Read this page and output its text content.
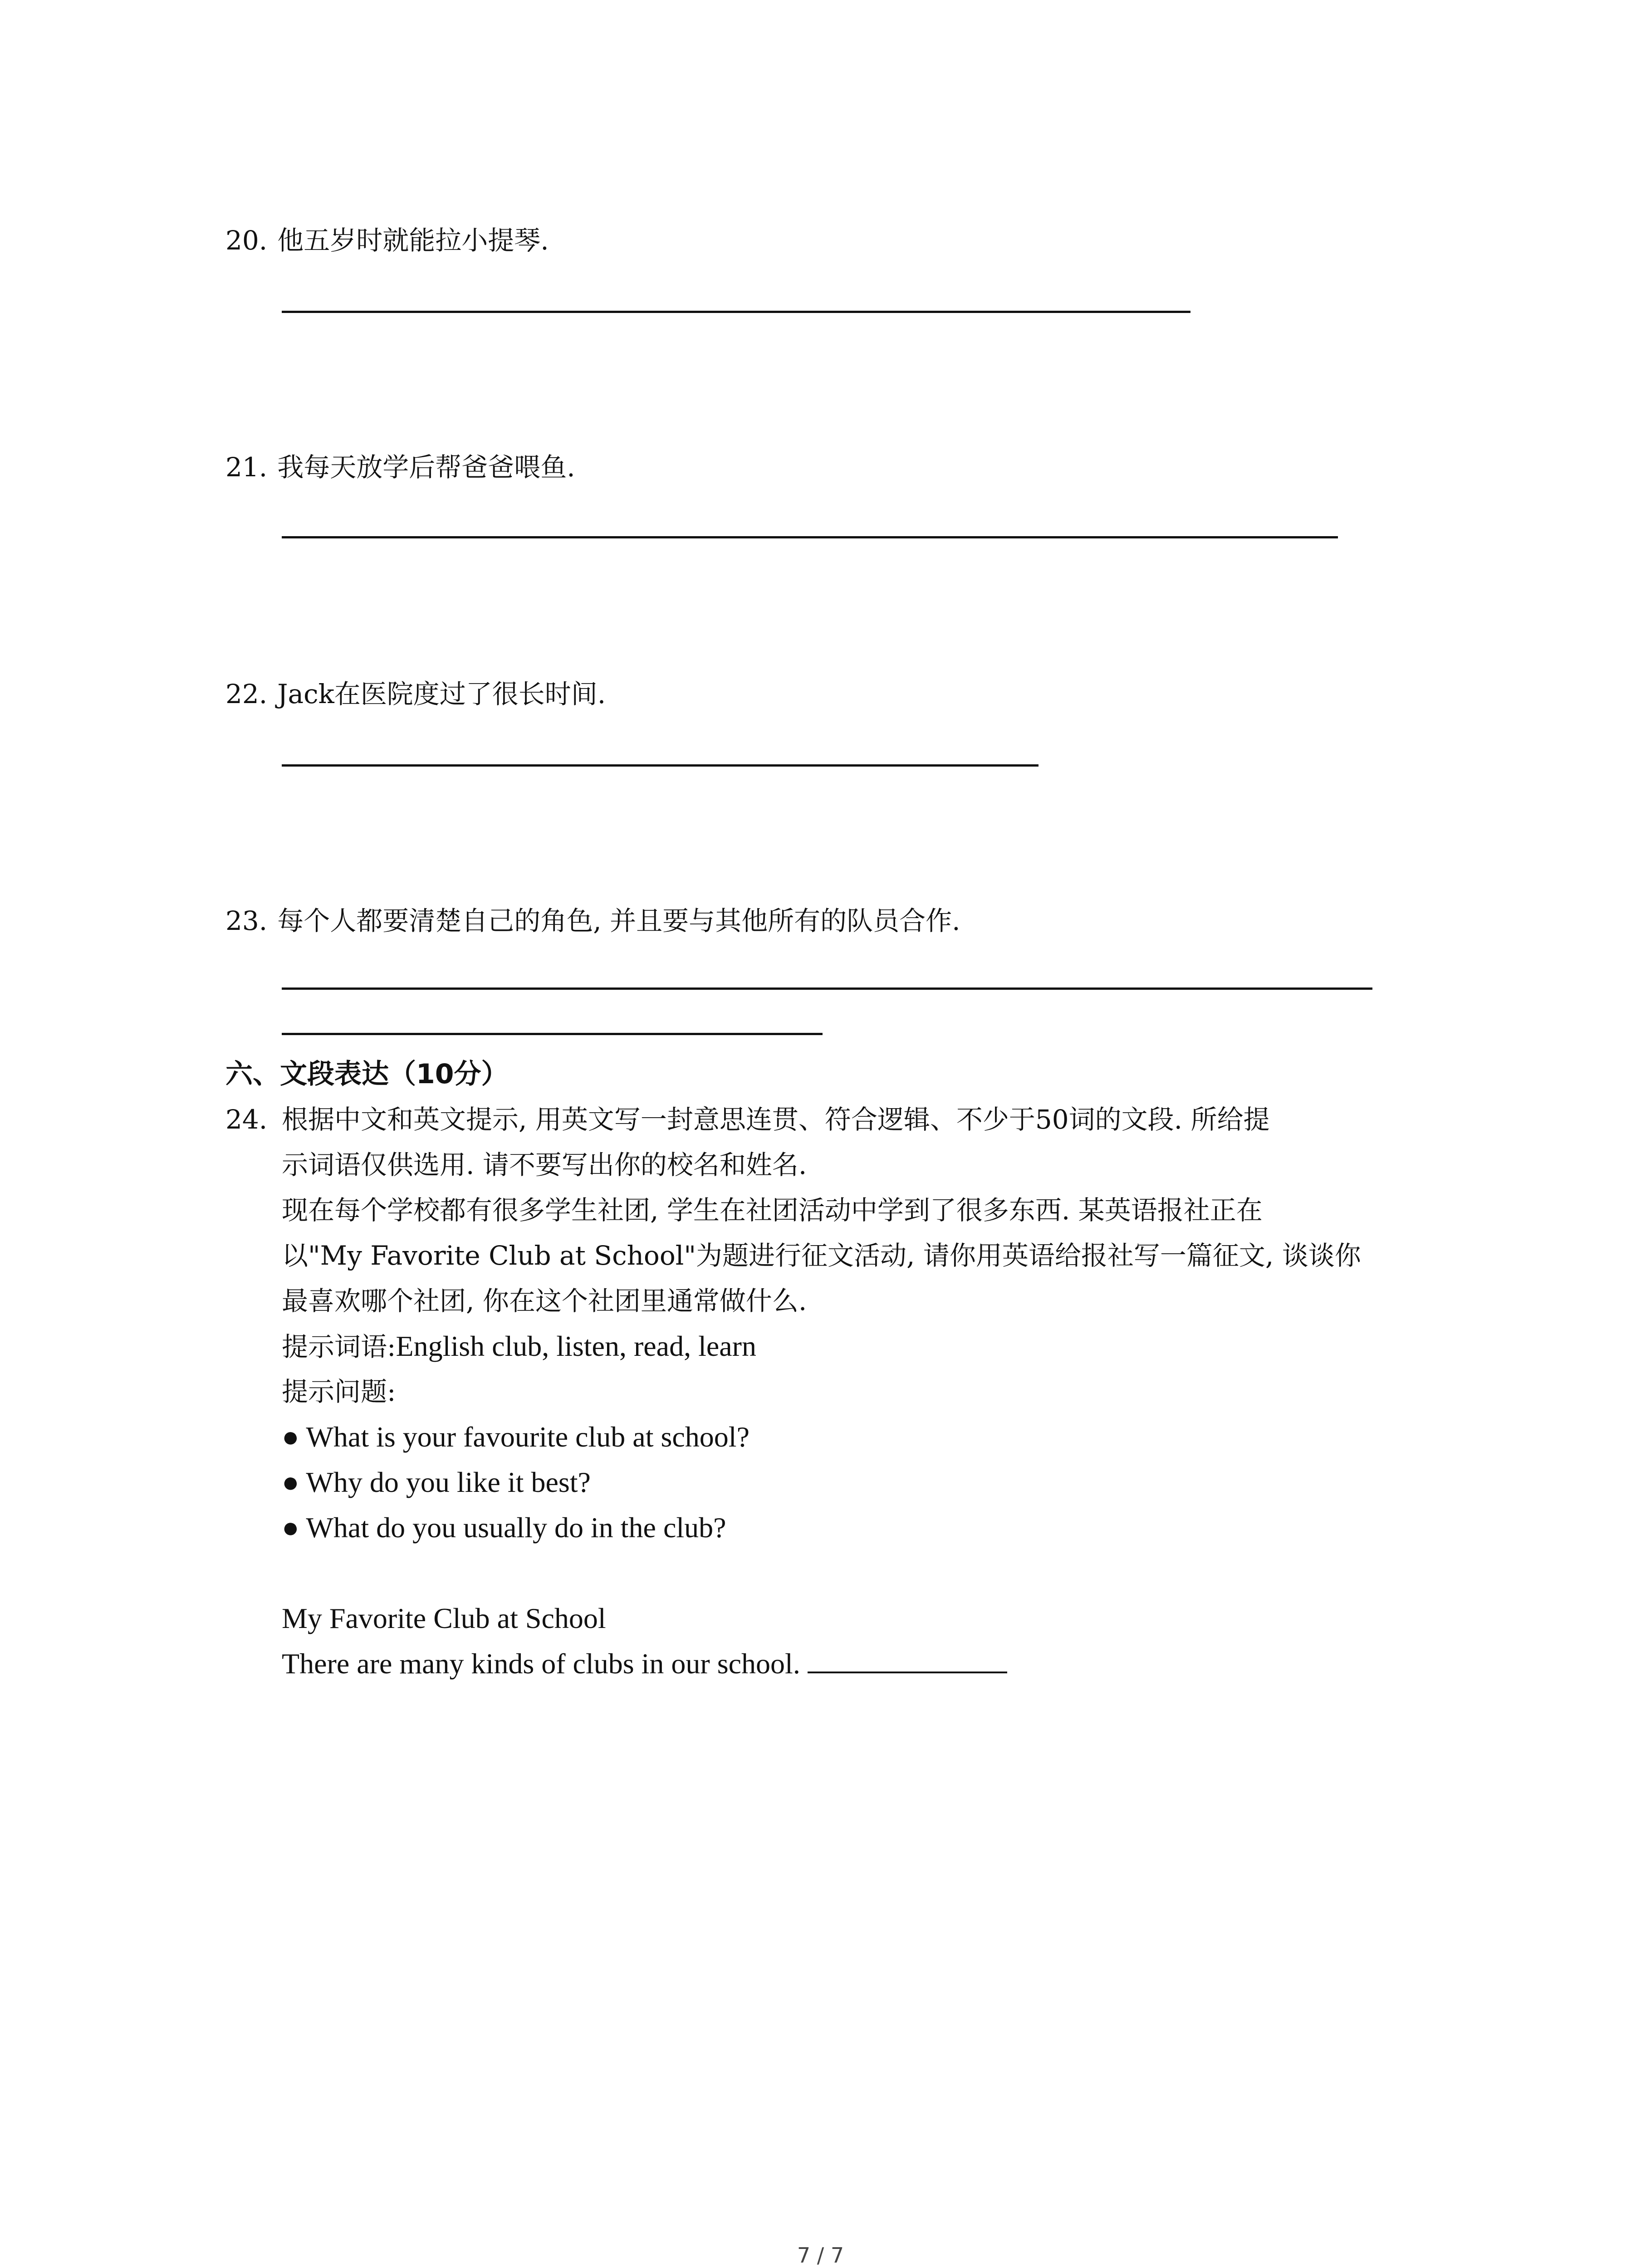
20. 他五岁时就能拉小提琴.
21. 我每天放学后帮爸爸喂鱼.
22. Jack在医院度过了很长时间.
23. 每个人都要清楚自己的角色, 并且要与其他所有的队员合作.
六、文段表达（10分）
24. 根据中文和英文提示, 用英文写一封意思连贯、符合逻辑、不少于50词的文段. 所给提
示词语仅供选用. 请不要写出你的校名和姓名.
现在每个学校都有很多学生社团, 学生在社团活动中学到了很多东西. 某英语报社正在
以"My Favorite Club at School"为题进行征文活动, 请你用英语给报社写一篇征文, 谈谈你
最喜欢哪个社团, 你在这个社团里通常做什么.
提示词语:English club, listen, read, learn
提示问题:
● What is your favourite club at school?
● Why do you like it best?
● What do you usually do in the club?
My Favorite Club at School
There are many kinds of clubs in our school.
7 / 7
